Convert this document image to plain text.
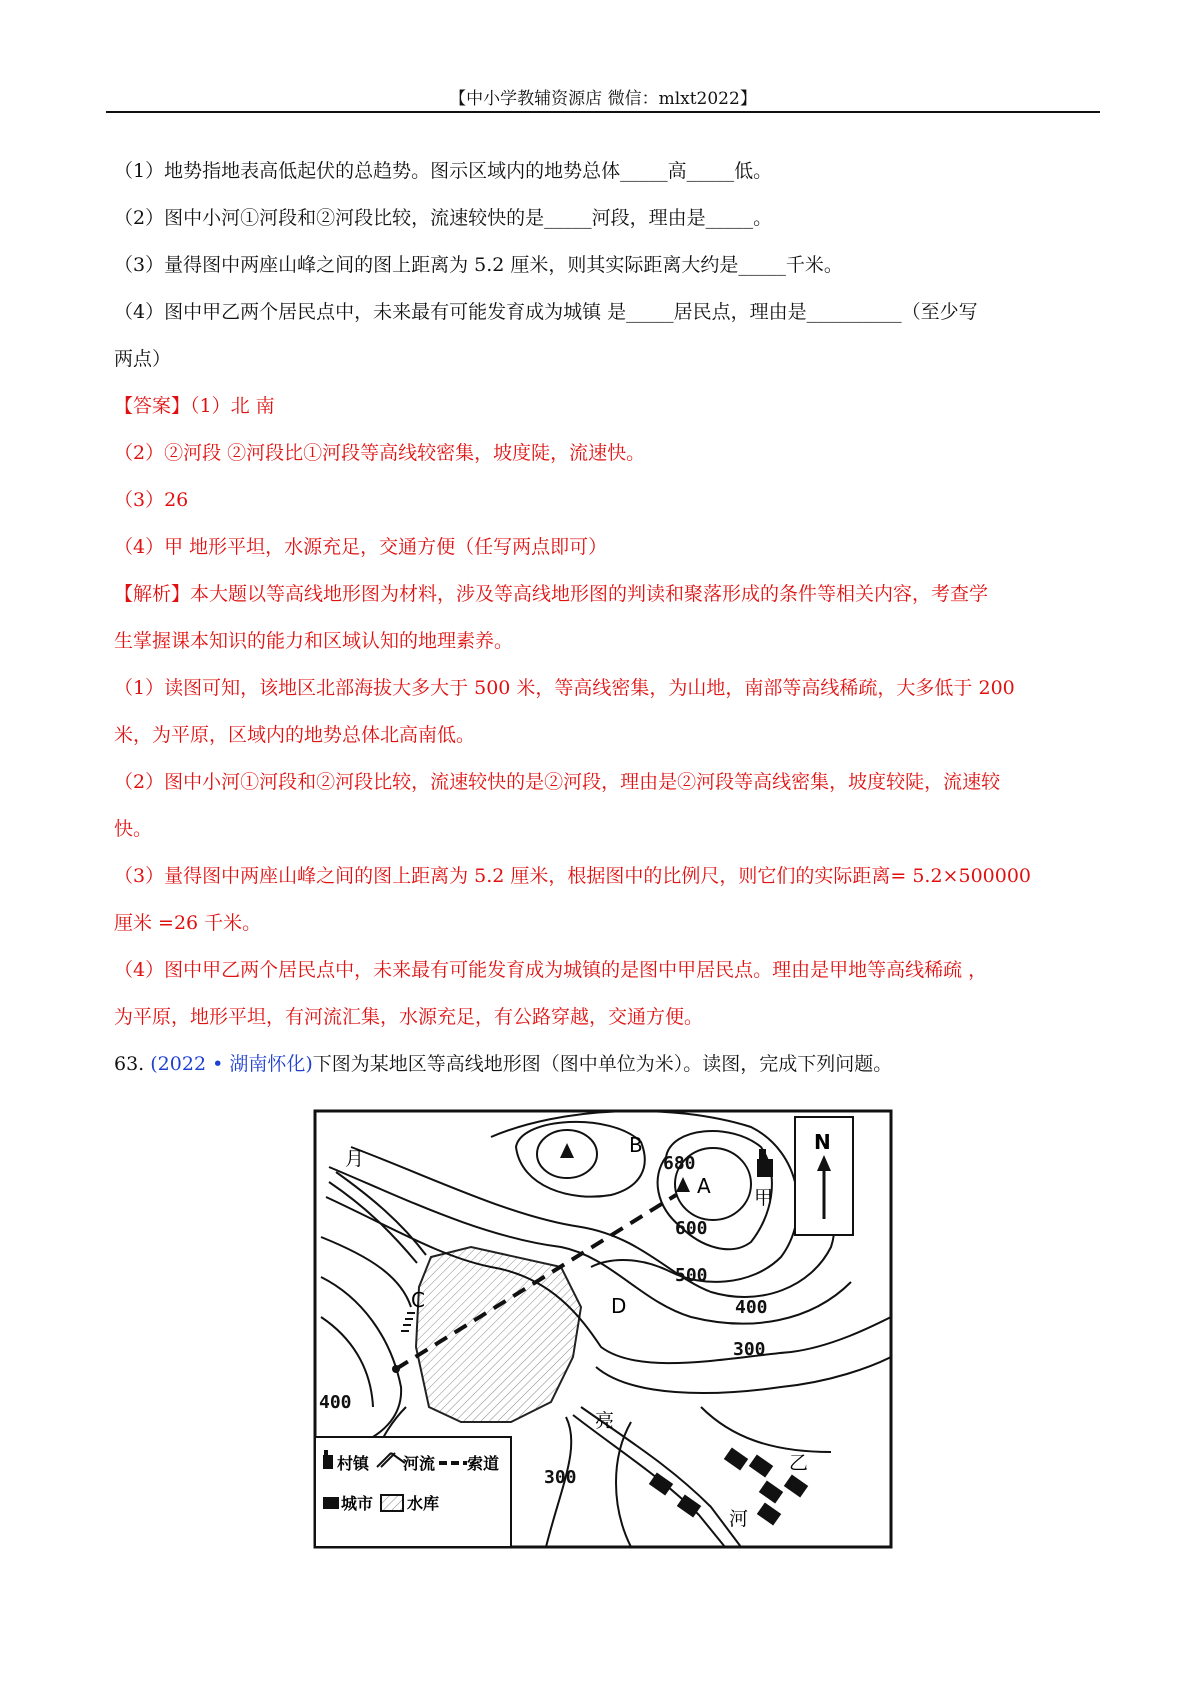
【中小学教辅资源店 微信：mlxt2022】

（1）地势指地表高低起伏的总趋势。图示区域内的地势总体_____高_____低。

（2）图中小河①河段和②河段比较，流速较快的是_____河段，理由是_____。

（3）量得图中两座山峰之间的图上距离为 5.2 厘米，则其实际距离大约是_____千米。

（4）图中甲乙两个居民点中，未来最有可能发育成为城镇 是_____居民点，理由是__________（至少写

两点）

【答案】（1）北 南

（2）②河段 ②河段比①河段等高线较密集，坡度陡，流速快。

（3）26

（4）甲 地形平坦，水源充足，交通方便（任写两点即可）

【解析】本大题以等高线地形图为材料，涉及等高线地形图的判读和聚落形成的条件等相关内容，考查学

生掌握课本知识的能力和区域认知的地理素养。

（1）读图可知，该地区北部海拔大多大于 500 米，等高线密集，为山地，南部等高线稀疏，大多低于 200

米，为平原，区域内的地势总体北高南低。

（2）图中小河①河段和②河段比较，流速较快的是②河段，理由是②河段等高线密集，坡度较陡，流速较

快。

（3）量得图中两座山峰之间的图上距离为 5.2 厘米，根据图中的比例尺，则它们的实际距离= 5.2×500000

厘米 =26 千米。

（4）图中甲乙两个居民点中，未来最有可能发育成为城镇的是图中甲居民点。理由是甲地等高线稀疏 ，

为平原，地形平坦，有河流汇集，水源充足，有公路穿越，交通方便。

63. (2022 • 湖南怀化)下图为某地区等高线地形图（图中单位为米）。读图，完成下列问题。

B
A
C	D
680
600
500
400
300
400
300
月
亮
河
甲
乙
N
村镇 河流 索道
城市 水库
